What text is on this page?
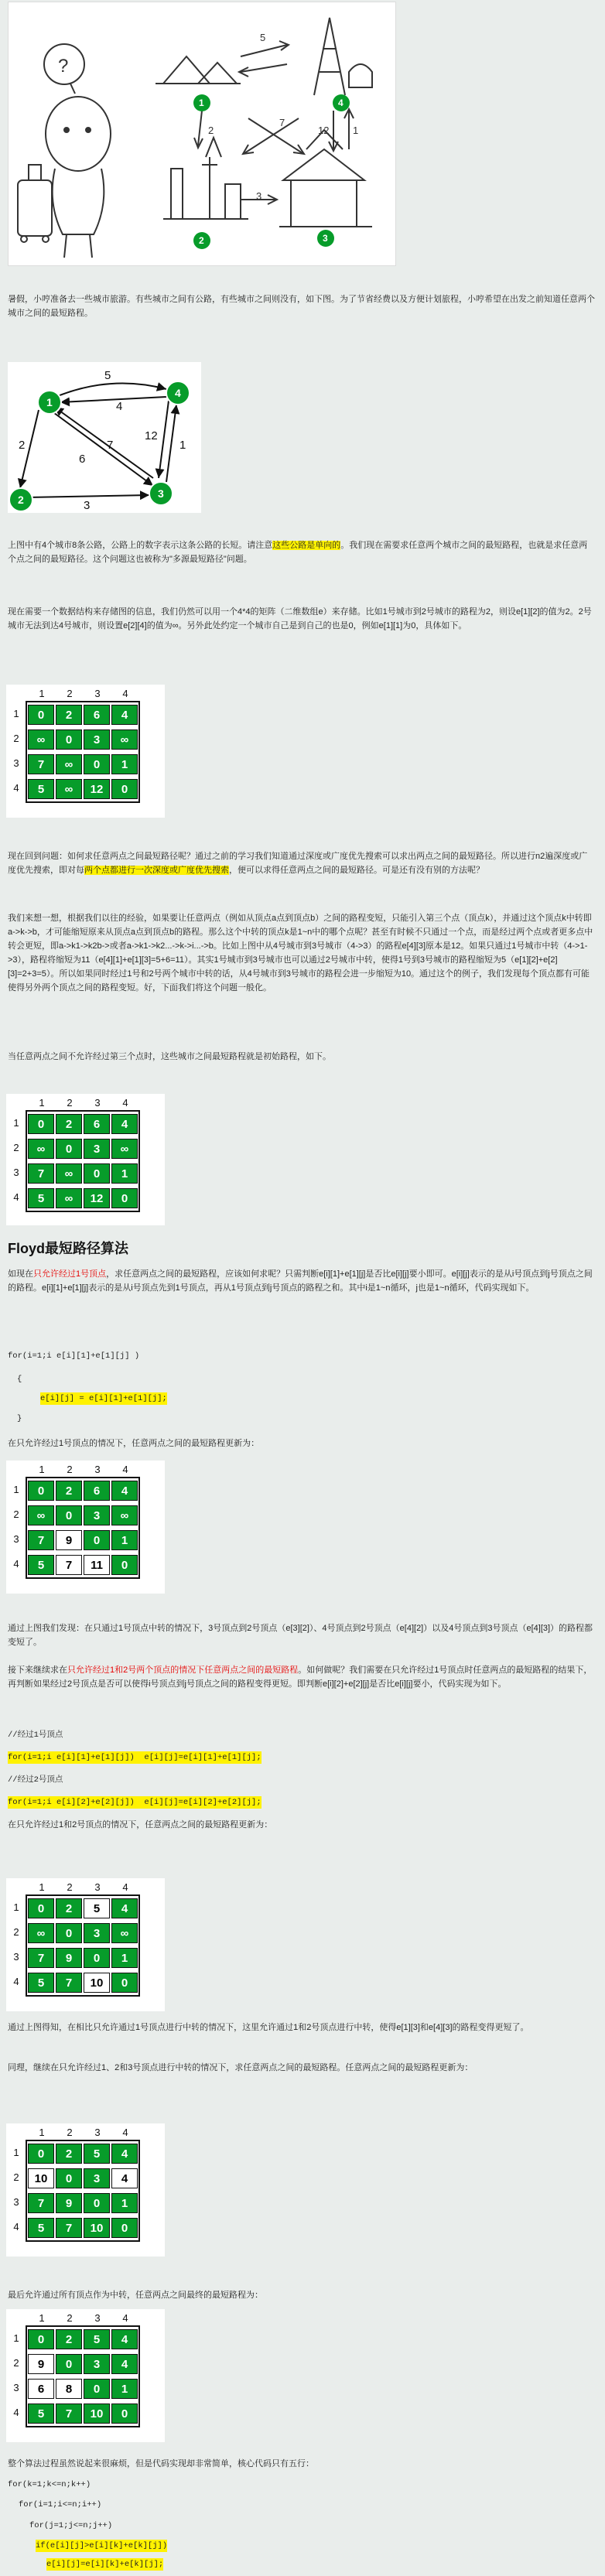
?
5
3
7
12 1
2
1
2	3
4

暑假，小哼准备去一些城市旅游。有些城市之间有公路，有些城市之间则没有，如下图。为了节省经费以及方便计划旅程，小哼希望在出发之前知道任意两个城市之间的最短路程。

5
4
2
6
7
12
1
3
1
2	3
4

上图中有4个城市8条公路，公路上的数字表示这条公路的长短。请注意这些公路是单向的。我们现在需要求任意两个城市之间的最短路程，也就是求任意两个点之间的最短路径。这个问题这也被称为"多源最短路径"问题。

现在需要一个数据结构来存储图的信息，我们仍然可以用一个4*4的矩阵（二维数组e）来存储。比如1号城市到2号城市的路程为2，则设e[1][2]的值为2。2号城市无法到达4号城市，则设置e[2][4]的值为∞。另外此处约定一个城市自己是到自己的也是0，例如e[1][1]为0，具体如下。

1	2	3	4
1	0	2	6	4
2	∞	0	3	∞
3	7	∞	0	1
4	5	∞	12	0

现在回到问题：如何求任意两点之间最短路径呢？通过之前的学习我们知道通过深度或广度优先搜索可以求出两点之间的最短路径。所以进行n2遍深度或广度优先搜索，即对每两个点都进行一次深度或广度优先搜索，便可以求得任意两点之间的最短路径。可是还有没有别的方法呢？

我们来想一想，根据我们以往的经验，如果要让任意两点（例如从顶点a点到顶点b）之间的路程变短，只能引入第三个点（顶点k），并通过这个顶点k中转即a->k->b，才可能缩短原来从顶点a点到顶点b的路程。那么这个中转的顶点k是1~n中的哪个点呢？甚至有时候不只通过一个点，而是经过两个点或者更多点中转会更短，即a->k1->k2b->或者a->k1->k2...->k->i...->b。比如上图中从4号城市到3号城市（4->3）的路程e[4][3]原本是12。如果只通过1号城市中转（4->1->3），路程将缩短为11（e[4][1]+e[1][3]=5+6=11）。其实1号城市到3号城市也可以通过2号城市中转，使得1号到3号城市的路程缩短为5（e[1][2]+e[2][3]=2+3=5）。所以如果同时经过1号和2号两个城市中转的话，从4号城市到3号城市的路程会进一步缩短为10。通过这个的例子，我们发现每个顶点都有可能使得另外两个顶点之间的路程变短。好，下面我们将这个问题一般化。

当任意两点之间不允许经过第三个点时，这些城市之间最短路程就是初始路程，如下。

1	2	3	4
1	0	2	6	4
2	∞	0	3	∞
3	7	∞	0	1
4	5	∞	12	0
Floyd最短路径算法

如现在只允许经过1号顶点，求任意两点之间的最短路程，应该如何求呢？只需判断e[i][1]+e[1][j]是否比e[i][j]要小即可。e[i][j]表示的是从i号顶点到j号顶点之间的路程。e[i][1]+e[1][j]表示的是从i号顶点先到1号顶点，再从1号顶点到j号顶点的路程之和。其中i是1~n循环，j也是1~n循环，代码实现如下。

for(i=1;i e[i][1]+e[1][j] )
{
e[i][j] = e[i][1]+e[1][j];
}

在只允许经过1号顶点的情况下，任意两点之间的最短路程更新为：

1	2	3	4
1	0	2	6	4
2	∞	0	3	∞
3	7	9	0	1
4	5	7	11	0

通过上图我们发现：在只通过1号顶点中转的情况下，3号顶点到2号顶点（e[3][2]）、4号顶点到2号顶点（e[4][2]）以及4号顶点到3号顶点（e[4][3]）的路程都变短了。

接下来继续求在只允许经过1和2号两个顶点的情况下任意两点之间的最短路程。如何做呢？我们需要在只允许经过1号顶点时任意两点的最短路程的结果下，再判断如果经过2号顶点是否可以使得i号顶点到j号顶点之间的路程变得更短。即判断e[i][2]+e[2][j]是否比e[i][j]要小，代码实现为如下。

//经过1号顶点
for(i=1;i e[i][1]+e[1][j])  e[i][j]=e[i][1]+e[1][j];
//经过2号顶点
for(i=1;i e[i][2]+e[2][j])  e[i][j]=e[i][2]+e[2][j];

在只允许经过1和2号顶点的情况下，任意两点之间的最短路程更新为：

1	2	3	4
1	0	2	5	4
2	∞	0	3	∞
3	7	9	0	1
4	5	7	10	0

通过上图得知，在相比只允许通过1号顶点进行中转的情况下，这里允许通过1和2号顶点进行中转，使得e[1][3]和e[4][3]的路程变得更短了。

同理，继续在只允许经过1、2和3号顶点进行中转的情况下，求任意两点之间的最短路程。任意两点之间的最短路程更新为：

1	2	3	4
1	0	2	5	4
2	10	0	3	4
3	7	9	0	1
4	5	7	10	0

最后允许通过所有顶点作为中转，任意两点之间最终的最短路程为：

1	2	3	4
1	0	2	5	4
2	9	0	3	4
3	6	8	0	1
4	5	7	10	0

整个算法过程虽然说起来很麻烦，但是代码实现却非常简单，核心代码只有五行：

for(k=1;k<=n;k++)
for(i=1;i<=n;i++)
for(j=1;j<=n;j++)
if(e[i][j]>e[i][k]+e[k][j])
e[i][j]=e[i][k]+e[k][j];
